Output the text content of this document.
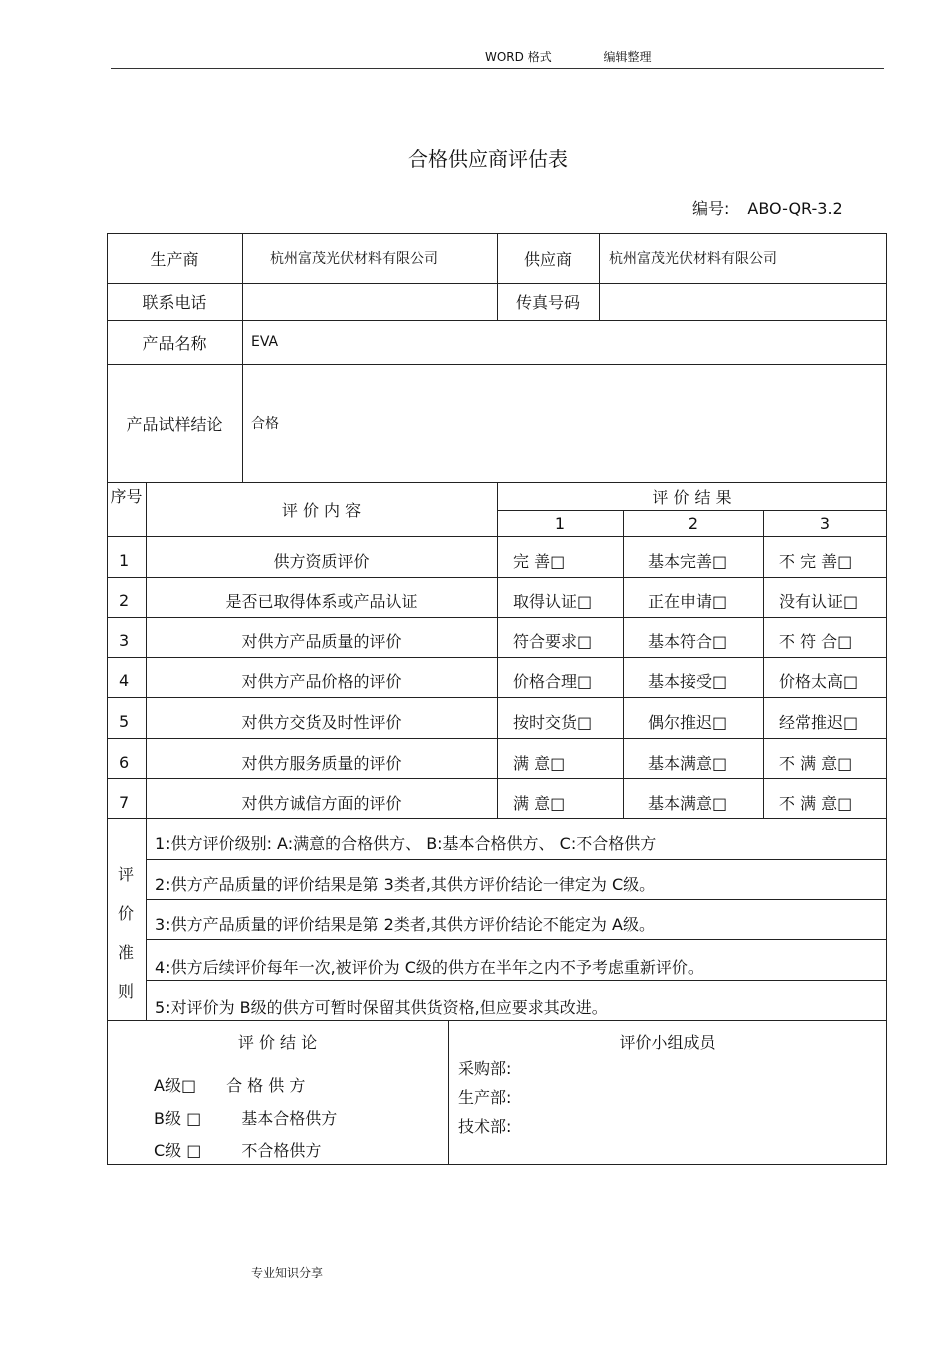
WORD 格式	编辑整理
合格供应商评估表
编号: ABO-QR-3.2
生产商	杭州富茂光伏材料有限公司	供应商	杭州富茂光伏材料有限公司
联系电话	传真号码
产品名称	EVA
产品试样结论	合格
序号
评 价 内 容
评 价 结 果
1	2	3
1	供方资质评价	完 善□	基本完善□	不 完 善□
2	是否已取得体系或产品认证	取得认证□	正在申请□	没有认证□
3	对供方产品质量的评价	符合要求□	基本符合□	不 符 合□
4	对供方产品价格的评价	价格合理□	基本接受□	价格太高□
5	对供方交货及时性评价	按时交货□	偶尔推迟□	经常推迟□
6	对供方服务质量的评价	满 意□	基本满意□	不 满 意□
7	对供方诚信方面的评价	满 意□	基本满意□	不 满 意□
评价准则
1:供方评价级别: A:满意的合格供方、 B:基本合格供方、 C:不合格供方
2:供方产品质量的评价结果是第 3类者,其供方评价结论一律定为 C级。
3:供方产品质量的评价结果是第 2类者,其供方评价结论不能定为 A级。
4:供方后续评价每年一次,被评价为 C级的供方在半年之内不予考虑重新评价。
5:对评价为 B级的供方可暂时保留其供货资格,但应要求其改进。
评 价 结 论
A级□ 合 格 供 方
B级 □	基本合格供方
C级 □	不合格供方
评价小组成员
采购部:
生产部:
技术部:
专业知识分享
